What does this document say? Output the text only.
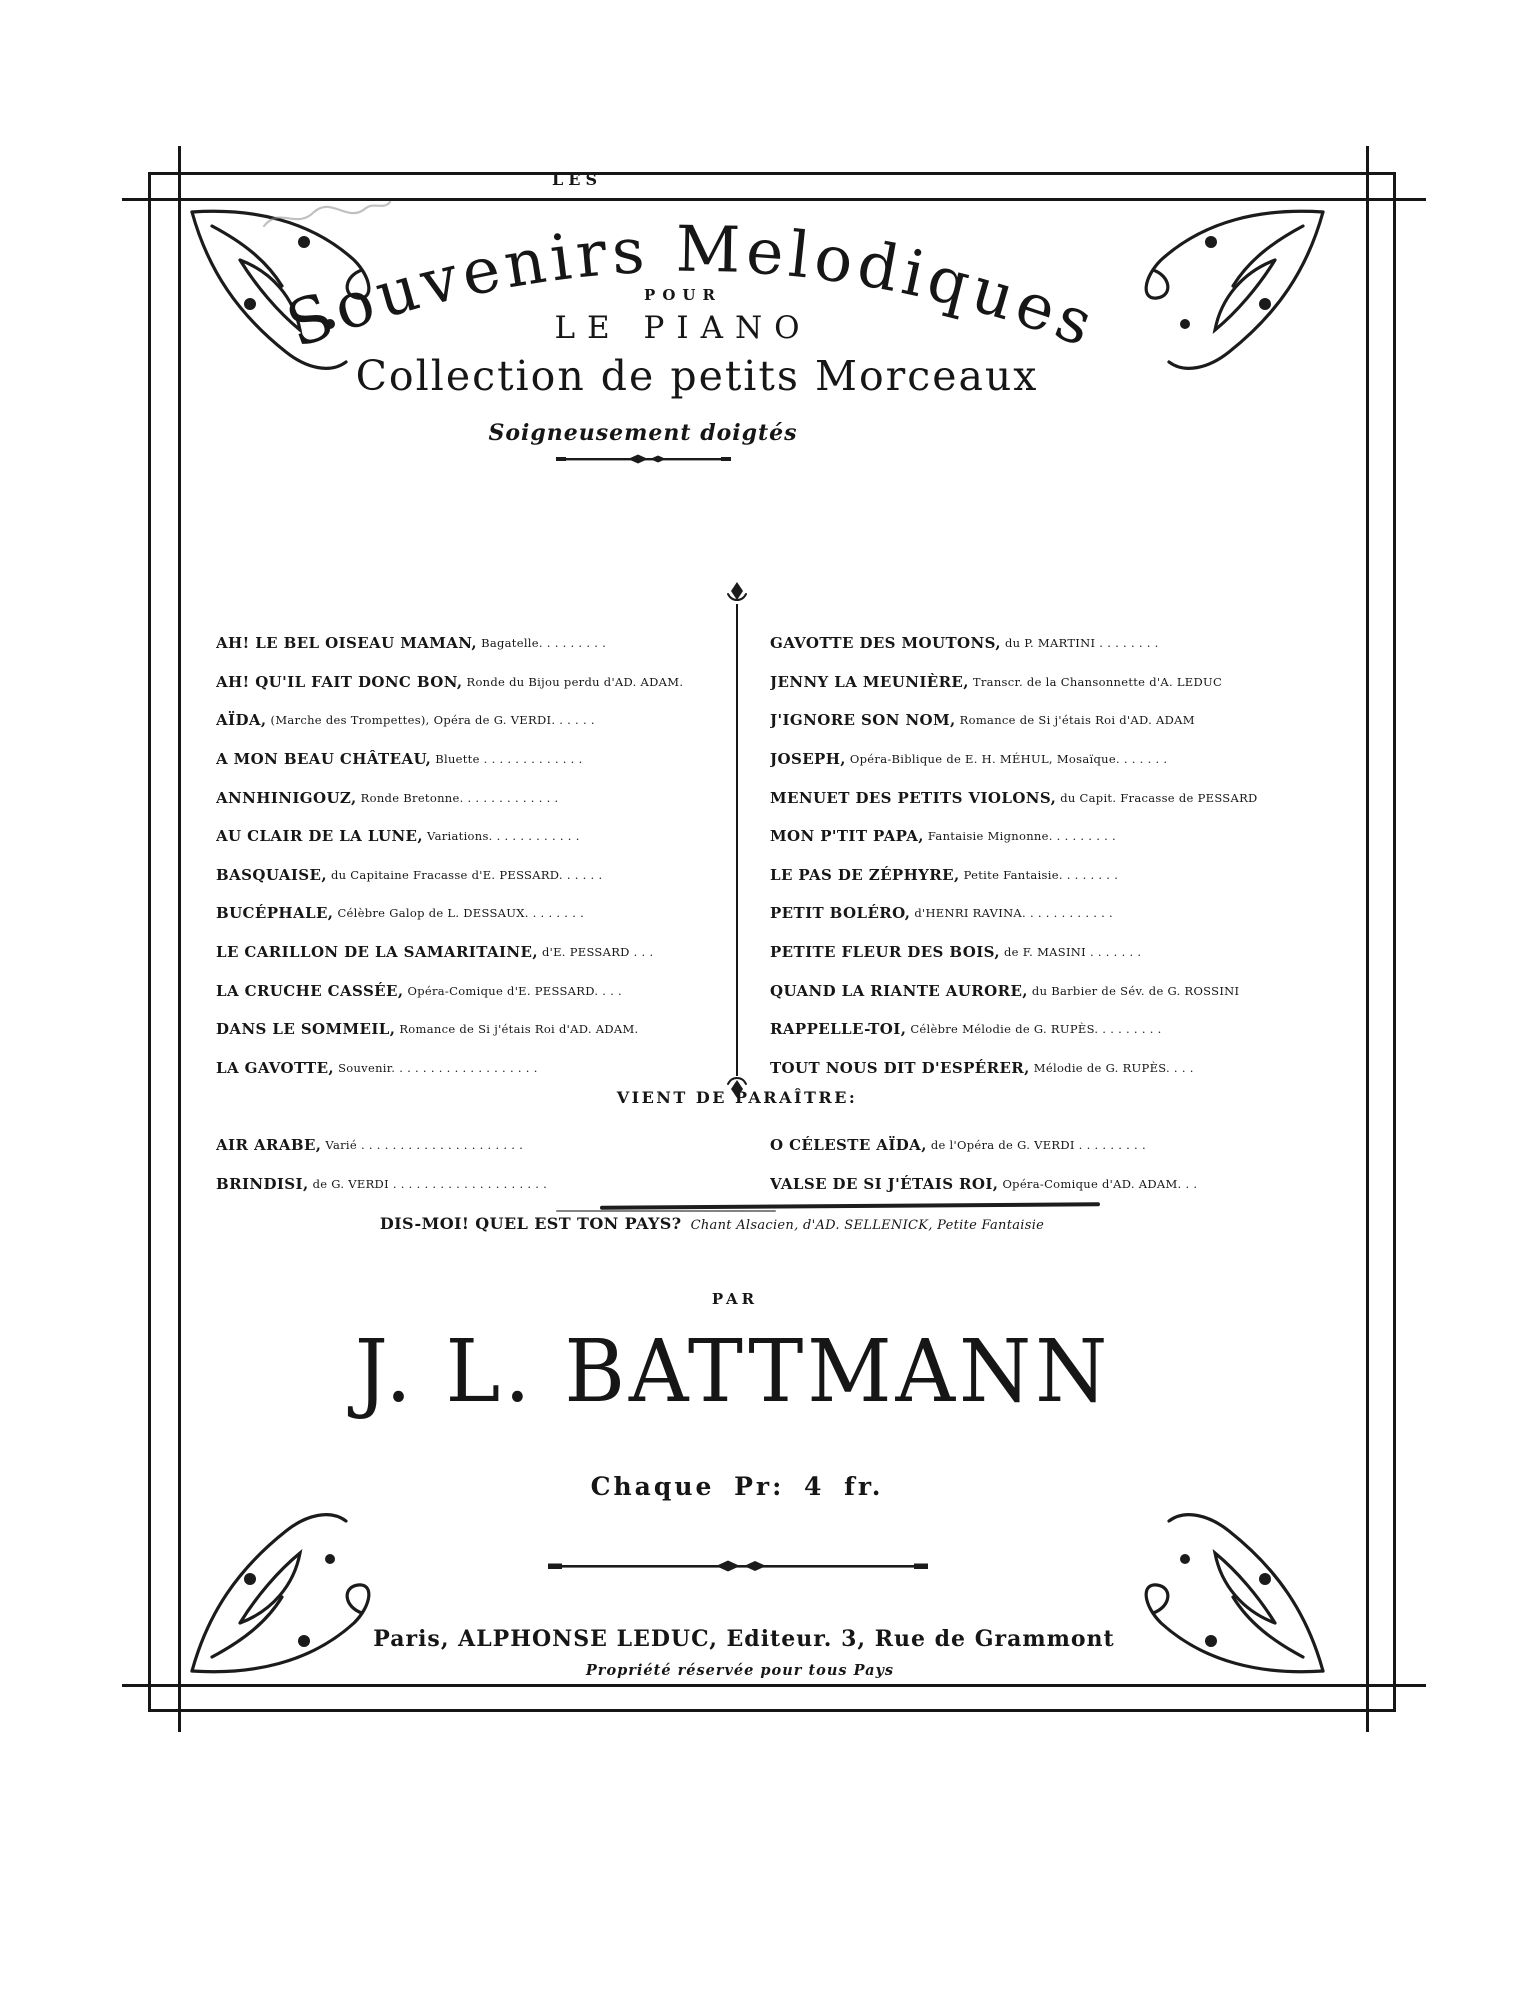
LES
Souvenirs Melodiques
POUR
LE PIANO
Collection de petits Morceaux
Soigneusement doigtés
AH! LE BEL OISEAU MAMAN, Bagatelle. . . . . . . . .
AH! QU'IL FAIT DONC BON, Ronde du Bijou perdu d'AD. ADAM.
AÏDA, (Marche des Trompettes), Opéra de G. VERDI. . . . . .
A MON BEAU CHÂTEAU, Bluette . . . . . . . . . . . . .
ANNHINIGOUZ, Ronde Bretonne. . . . . . . . . . . . .
AU CLAIR DE LA LUNE, Variations. . . . . . . . . . . .
BASQUAISE, du Capitaine Fracasse d'E. PESSARD. . . . . .
BUCÉPHALE, Célèbre Galop de L. DESSAUX. . . . . . . .
LE CARILLON DE LA SAMARITAINE, d'E. PESSARD . . .
LA CRUCHE CASSÉE, Opéra-Comique d'E. PESSARD. . . .
DANS LE SOMMEIL, Romance de Si j'étais Roi d'AD. ADAM.
LA GAVOTTE, Souvenir. . . . . . . . . . . . . . . . . . .
GAVOTTE DES MOUTONS, du P. MARTINI . . . . . . . .
JENNY LA MEUNIÈRE, Transcr. de la Chansonnette d'A. LEDUC
J'IGNORE SON NOM, Romance de Si j'étais Roi d'AD. ADAM
JOSEPH, Opéra-Biblique de E. H. MÉHUL, Mosaïque. . . . . . .
MENUET DES PETITS VIOLONS, du Capit. Fracasse de PESSARD
MON P'TIT PAPA, Fantaisie Mignonne. . . . . . . . .
LE PAS DE ZÉPHYRE, Petite Fantaisie. . . . . . . .
PETIT BOLÉRO, d'HENRI RAVINA. . . . . . . . . . . .
PETITE FLEUR DES BOIS, de F. MASINI . . . . . . .
QUAND LA RIANTE AURORE, du Barbier de Sév. de G. ROSSINI
RAPPELLE-TOI, Célèbre Mélodie de G. RUPÈS. . . . . . . . .
TOUT NOUS DIT D'ESPÉRER, Mélodie de G. RUPÈS. . . .
VIENT DE PARAÎTRE:
AIR ARABE, Varié . . . . . . . . . . . . . . . . . . . . .
BRINDISI, de G. VERDI . . . . . . . . . . . . . . . . . . . .
O CÉLESTE AÏDA, de l'Opéra de G. VERDI . . . . . . . . .
VALSE DE SI J'ÉTAIS ROI, Opéra-Comique d'AD. ADAM. . .
DIS-MOI! QUEL EST TON PAYS? Chant Alsacien, d'AD. SELLENICK, Petite Fantaisie
PAR
J. L. BATTMANN
Chaque Pr: 4 fr.
Paris, ALPHONSE LEDUC, Editeur. 3, Rue de Grammont
Propriété réservée pour tous Pays
